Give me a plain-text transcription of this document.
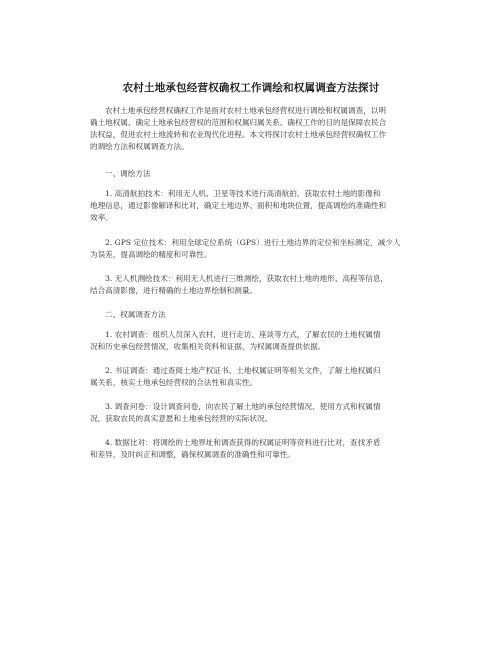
农村土地承包经营权确权工作调绘和权属调查方法探讨

农村土地承包经营权确权工作是指对农村土地承包经营权进行调绘和权属调查，以明
确土地权属、确定土地承包经营权的范围和权属归属关系。确权工作的目的是保障农民合
法权益，促进农村土地流转和农业现代化进程。本文将探讨农村土地承包经营权确权工作
的调绘方法和权属调查方法。

一、调绘方法

1. 高清航拍技术：利用无人机、卫星等技术进行高清航拍，获取农村土地的影像和
地理信息，通过影像解译和比对，确定土地边界、面积和地块位置，提高调绘的准确性和
效率。

2. GPS 定位技术：利用全球定位系统（GPS）进行土地边界的定位和坐标测定，减少人
为误差，提高调绘的精度和可靠性。

3. 无人机测绘技术：利用无人机进行三维测绘，获取农村土地的地形、高程等信息，
结合高清影像，进行精确的土地边界绘制和测量。

二、权属调查方法

1. 农村调查：组织人员深入农村，进行走访、座谈等方式，了解农民的土地权属情
况和历史承包经营情况，收集相关资料和证据，为权属调查提供依据。

2. 书证调查：通过查阅土地产权证书、土地权属证明等相关文件，了解土地权属归
属关系，核实土地承包经营权的合法性和真实性。

3. 调查问卷：设计调查问卷，向农民了解土地的承包经营情况、使用方式和权属情
况，获取农民的真实意愿和土地承包经营的实际状况。

4. 数据比对：将调绘的土地界址和调查获得的权属证明等资料进行比对，查找矛盾
和差异，及时纠正和调整，确保权属调查的准确性和可靠性。
